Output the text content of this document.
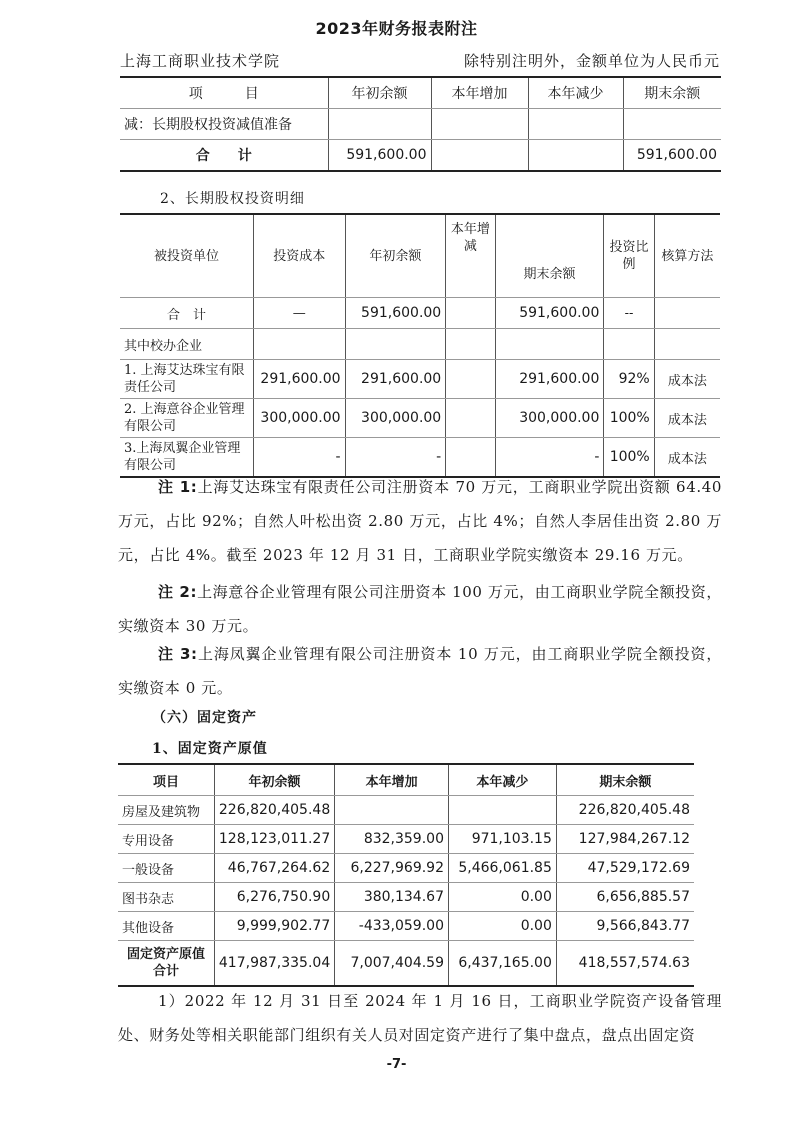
2023年财务报表附注
上海工商职业技术学院	除特别注明外，金额单位为人民币元
项　　　目	年初余额	本年增加	本年减少	期末余额
减：长期股权投资减值准备				
合　　计	591,600.00			591,600.00
2、长期股权投资明细
被投资单位	投资成本	年初余额	本年增减	期末余额	投资比例	核算方法
合　计	—	591,600.00		591,600.00	--	
其中校办企业						
1. 上海艾达珠宝有限责任公司	291,600.00	291,600.00		291,600.00	92%	成本法
2. 上海意谷企业管理有限公司	300,000.00	300,000.00		300,000.00	100%	成本法
3.上海凤翼企业管理有限公司	-	-		-	100%	成本法
注 1:上海艾达珠宝有限责任公司注册资本 70 万元，工商职业学院出资额 64.40 万元，占比 92%；自然人叶松出资 2.80 万元，占比 4%；自然人李居佳出资 2.80 万元，占比 4%。截至 2023 年 12 月 31 日，工商职业学院实缴资本 29.16 万元。
注 2:上海意谷企业管理有限公司注册资本 100 万元，由工商职业学院全额投资，实缴资本 30 万元。
注 3:上海凤翼企业管理有限公司注册资本 10 万元，由工商职业学院全额投资，实缴资本 0 元。
（六）固定资产
1、固定资产原值
项目	年初余额	本年增加	本年减少	期末余额
房屋及建筑物	226,820,405.48			226,820,405.48
专用设备	128,123,011.27	832,359.00	971,103.15	127,984,267.12
一般设备	46,767,264.62	6,227,969.92	5,466,061.85	47,529,172.69
图书杂志	6,276,750.90	380,134.67	0.00	6,656,885.57
其他设备	9,999,902.77	-433,059.00	0.00	9,566,843.77
固定资产原值合计	417,987,335.04	7,007,404.59	6,437,165.00	418,557,574.63
1）2022 年 12 月 31 日至 2024 年 1 月 16 日，工商职业学院资产设备管理处、财务处等相关职能部门组织有关人员对固定资产进行了集中盘点，盘点出固定资
-7-
